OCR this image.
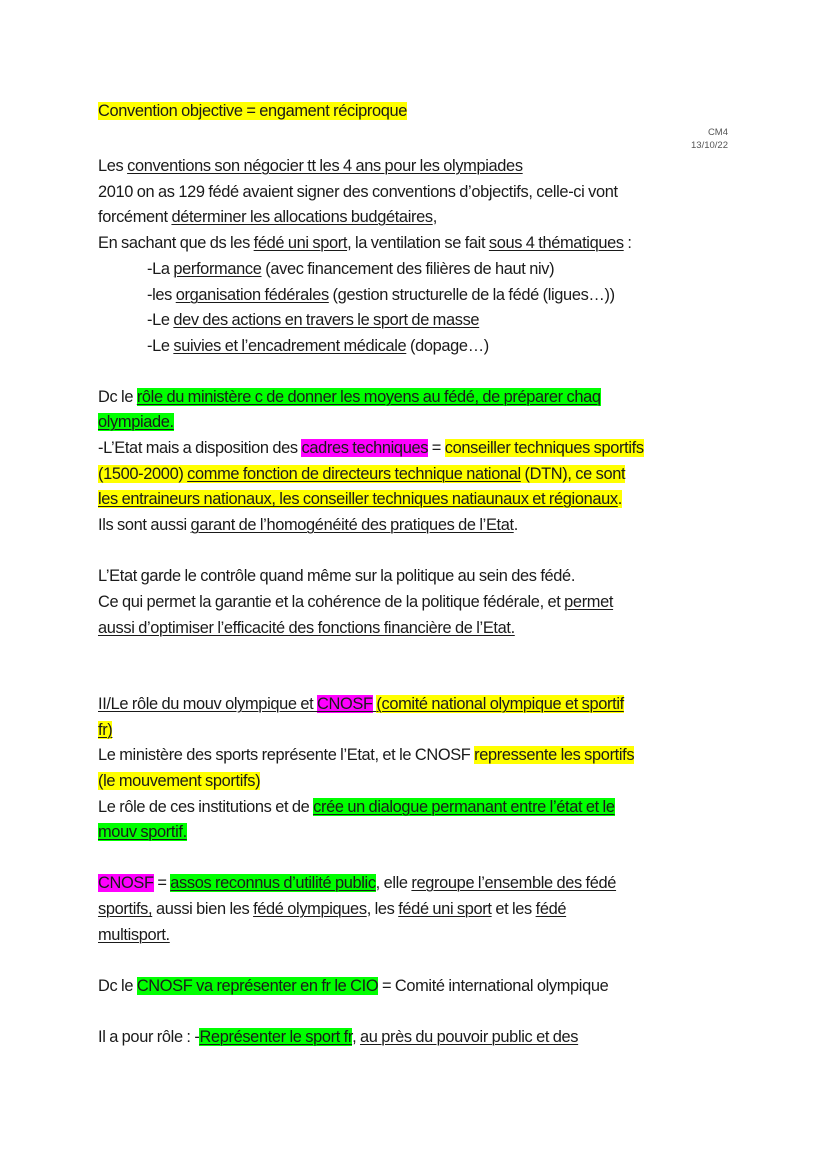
Convention objective = engament réciproque
CM4
13/10/22
Les conventions son négocier tt les 4 ans pour les olympiades
2010 on as 129 fédé avaient signer des conventions d’objectifs, celle-ci vont
forcément déterminer les allocations budgétaires,
En sachant que ds les fédé uni sport, la ventilation se fait sous 4 thématiques :
-La performance (avec financement des filières de haut niv)
-les organisation fédérales (gestion structurelle de la fédé (ligues…))
-Le dev des actions en travers le sport de masse
-Le suivies et l’encadrement médicale (dopage…)
Dc le rôle du ministère c de donner les moyens au fédé, de préparer chaq
olympiade.
-L’Etat mais a disposition des cadres techniques = conseiller techniques sportifs
(1500-2000) comme fonction de directeurs technique national (DTN), ce sont
les entraineurs nationaux, les conseiller techniques natiaunaux et régionaux.
Ils sont aussi garant de l’homogénéité des pratiques de l’Etat.
L’Etat garde le contrôle quand même sur la politique au sein des fédé.
Ce qui permet la garantie et la cohérence de la politique fédérale, et permet
aussi d’optimiser l’efficacité des fonctions financière de l’Etat.
II/Le rôle du mouv olympique et CNOSF (comité national olympique et sportif
fr)
Le ministère des sports représente l’Etat, et le CNOSF repressente les sportifs
(le mouvement sportifs)
Le rôle de ces institutions et de crée un dialogue permanant entre l’état et le
mouv sportif.
CNOSF = assos reconnus d’utilité public, elle regroupe l’ensemble des fédé
sportifs, aussi bien les fédé olympiques, les fédé uni sport et les fédé
multisport.
Dc le CNOSF va représenter en fr le CIO = Comité international olympique
Il a pour rôle : -Représenter le sport fr, au près du pouvoir public et des
